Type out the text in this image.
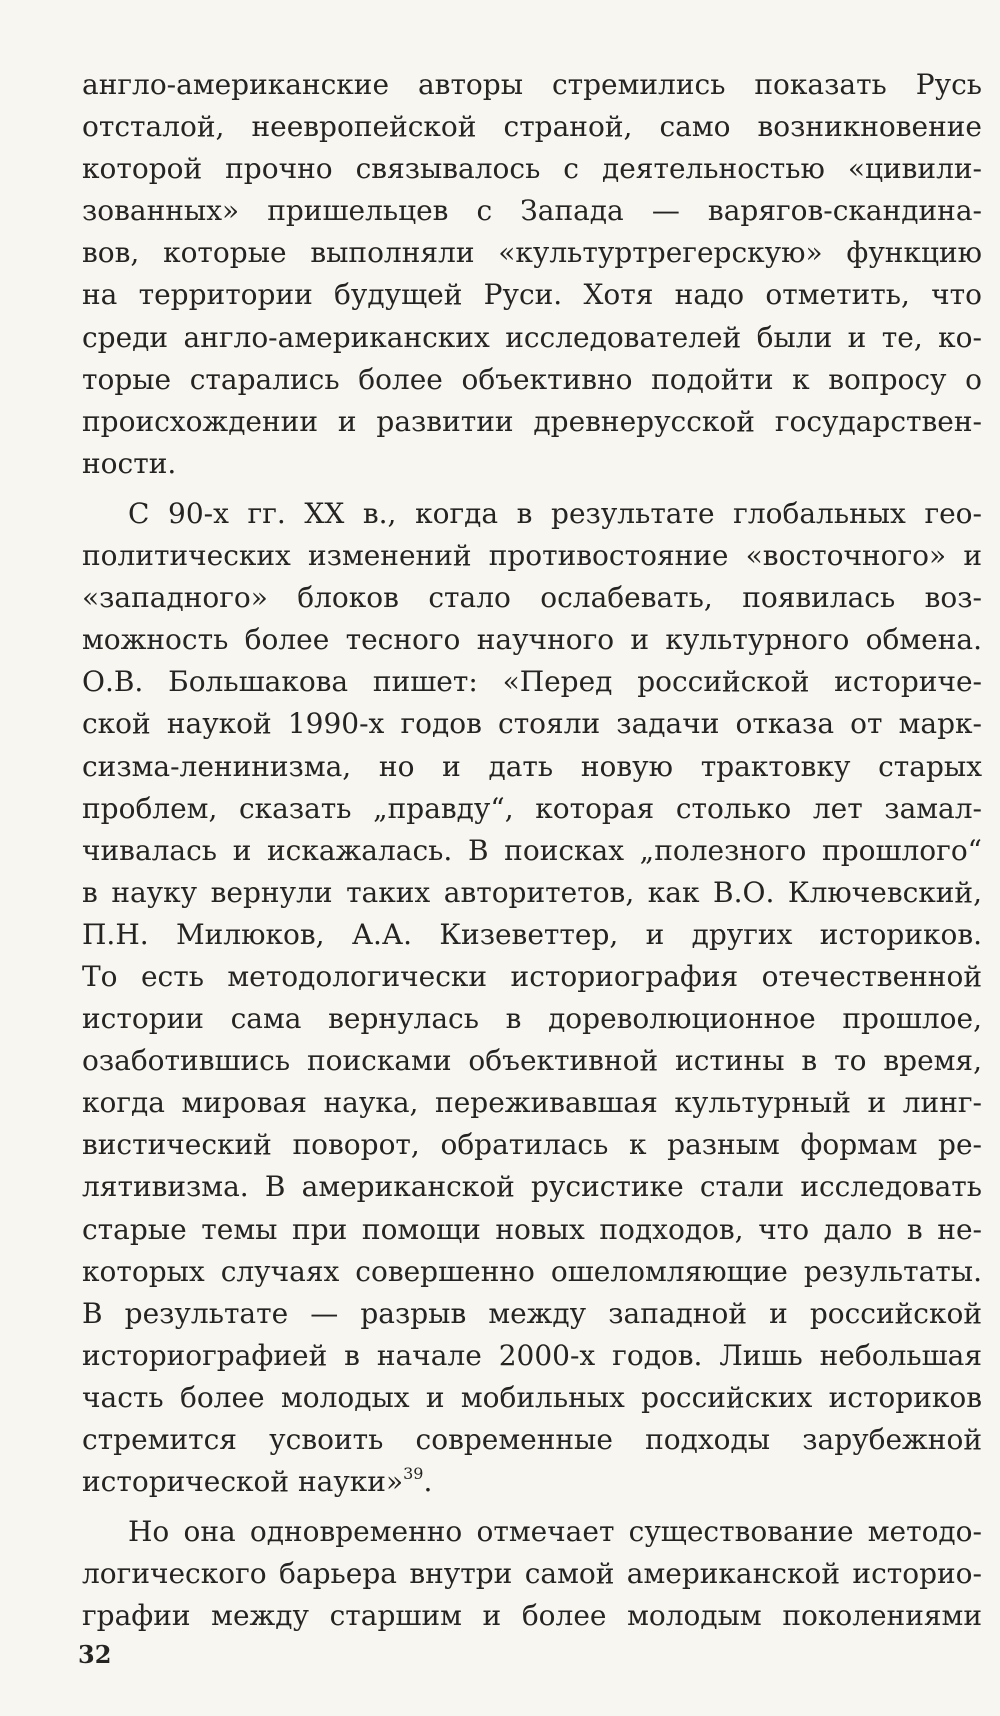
англо-американские авторы стремились показать Русь
отсталой, неевропейской страной, само возникновение
которой прочно связывалось с деятельностью «цивили-
зованных» пришельцев с Запада — варягов-скандина-
вов, которые выполняли «культуртрегерскую» функцию
на территории будущей Руси. Хотя надо отметить, что
среди англо-американских исследователей были и те, ко-
торые старались более объективно подойти к вопросу о
происхождении и развитии древнерусской государствен-
ности.

С 90-х гг. XX в., когда в результате глобальных гео-
политических изменений противостояние «восточного» и
«западного» блоков стало ослабевать, появилась воз-
можность более тесного научного и культурного обмена.
О.В. Большакова пишет: «Перед российской историче-
ской наукой 1990-х годов стояли задачи отказа от марк-
сизма-ленинизма, но и дать новую трактовку старых
проблем, сказать „правду“, которая столько лет замал-
чивалась и искажалась. В поисках „полезного прошлого“
в науку вернули таких авторитетов, как В.О. Ключевский,
П.Н. Милюков, А.А. Кизеветтер, и других историков.
То есть методологически историография отечественной
истории сама вернулась в дореволюционное прошлое,
озаботившись поисками объективной истины в то время,
когда мировая наука, переживавшая культурный и линг-
вистический поворот, обратилась к разным формам ре-
лятивизма. В американской русистике стали исследовать
старые темы при помощи новых подходов, что дало в не-
которых случаях совершенно ошеломляющие результаты.
В результате — разрыв между западной и российской
историографией в начале 2000-х годов. Лишь небольшая
часть более молодых и мобильных российских историков
стремится усвоить современные подходы зарубежной
исторической науки»$^{39}$.

Но она одновременно отмечает существование методо-
логического барьера внутри самой американской историо-
графии между старшим и более молодым поколениями

32
